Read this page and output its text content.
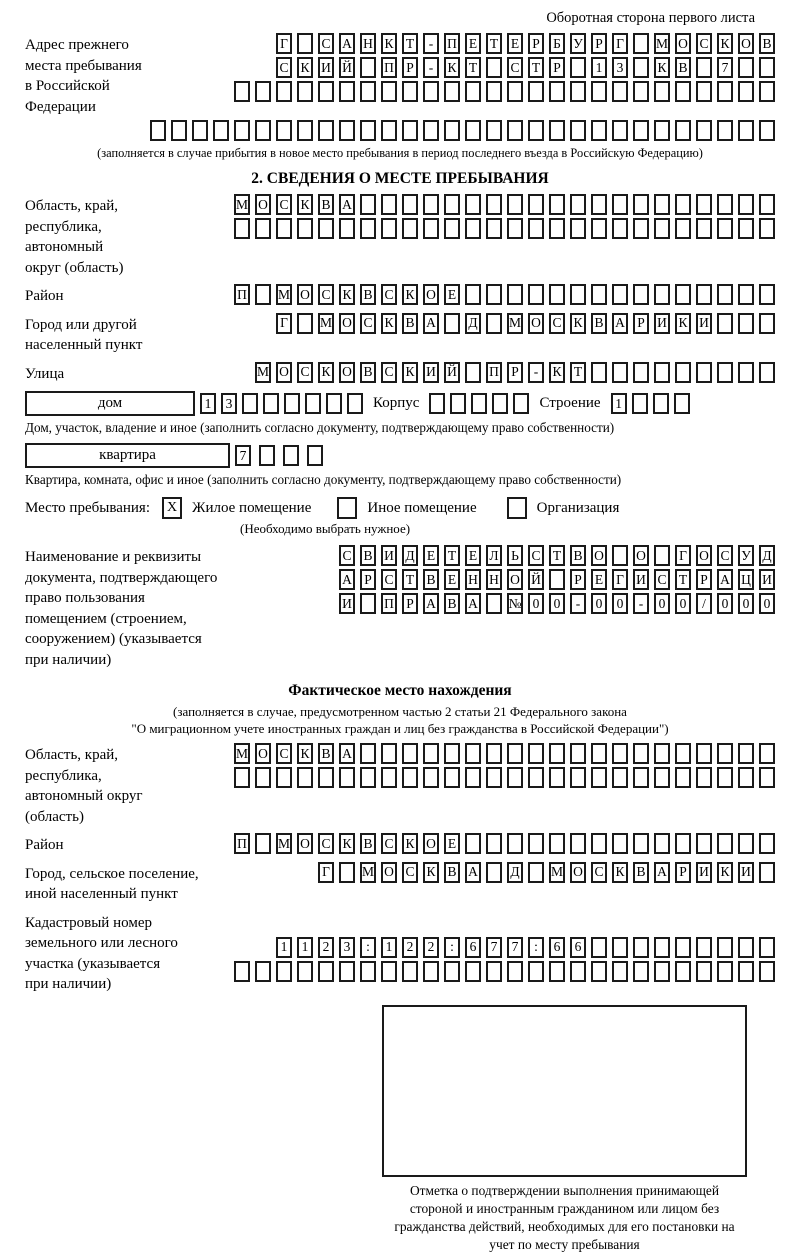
Оборотная сторона первого листа
Адрес прежнего
места пребывания
в Российской
Федерации
Г	С А Н К Т	-	П Е Т Е Р Б У Р Г	М О С К О В
С К И Й П Р	-	К Т С Т Р	1	3	К В	7
(заполняется в случае прибытия в новое место пребывания в период последнего въезда в Российскую Федерацию)
2. СВЕДЕНИЯ О МЕСТЕ ПРЕБЫВАНИЯ
Область, край,
республика,
автономный
округ (область)
М О С К В А
Район	П М О С К В С К О Е
Город или другой
населенный пункт
Г	М О С К В А Д М О С К В А Р И К И
Улица	М О С К О В С К И Й П Р	-	К Т
дом	1	3	Корпус	Строение	1
Дом, участок, владение и иное (заполнить согласно документу, подтверждающему право собственности)
квартира	7
Квартира, комната, офис и иное (заполнить согласно документу, подтверждающему право собственности)
Место пребывания:	X Жилое помещение	Иное помещение	Организация
(Необходимо выбрать нужное)
Наименование и реквизиты
документа, подтверждающего
право пользования
помещением (строением,
сооружением) (указывается
при наличии)
С В И Д Е Т Е Л Ь С Т В О О	Г О С У Д
А Р С Т В Е Н Н О Й	Р Е Г И С Т Р А Ц И
И П Р А В А № 0	0	-	0	0	-	0	0	/	0	0	0
Фактическое место нахождения
(заполняется в случае, предусмотренном частью 2 статьи 21 Федерального закона
"О миграционном учете иностранных граждан и лиц без гражданства в Российской Федерации")
Область, край,
республика,
автономный округ
(область)
М О С К В А
Район	П М О С К В С К О Е
Город, сельское поселение,
иной населенный пункт
Г	М О С К В А Д М О С К В А Р И К И
Кадастровый номер
земельного или лесного
участка (указывается
при наличии)
1	1	2	3	:	1	2	2	:	6	7	7	:	6	6
Отметка о подтверждении выполнения принимающей стороной и иностранным гражданином или лицом без гражданства действий, необходимых для его постановки на учет по месту пребывания
